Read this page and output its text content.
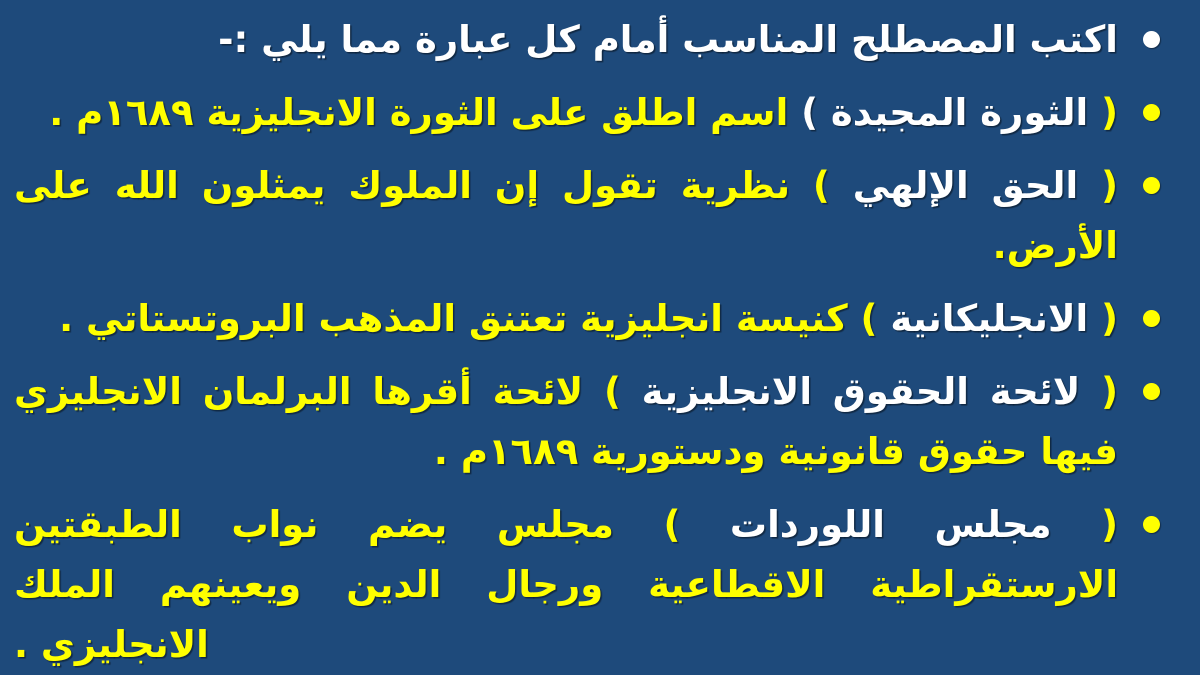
اكتب المصطلح المناسب أمام كل عبارة مما يلي :-
( الثورة المجيدة ) اسم اطلق على الثورة الانجليزية ١٦٨٩م .
( الحق الإلهي ) نظرية تقول إن الملوك يمثلون الله على الأرض.
( الانجليكانية ) كنيسة انجليزية تعتنق المذهب البروتستاتي .
( لائحة الحقوق الانجليزية ) لائحة أقرها البرلمان الانجليزي فيها حقوق قانونية ودستورية ١٦٨٩م .
( مجلس اللوردات ) مجلس يضم نواب الطبقتين الارستقراطية الاقطاعية ورجال الدين ويعينهم الملك الانجليزي .
